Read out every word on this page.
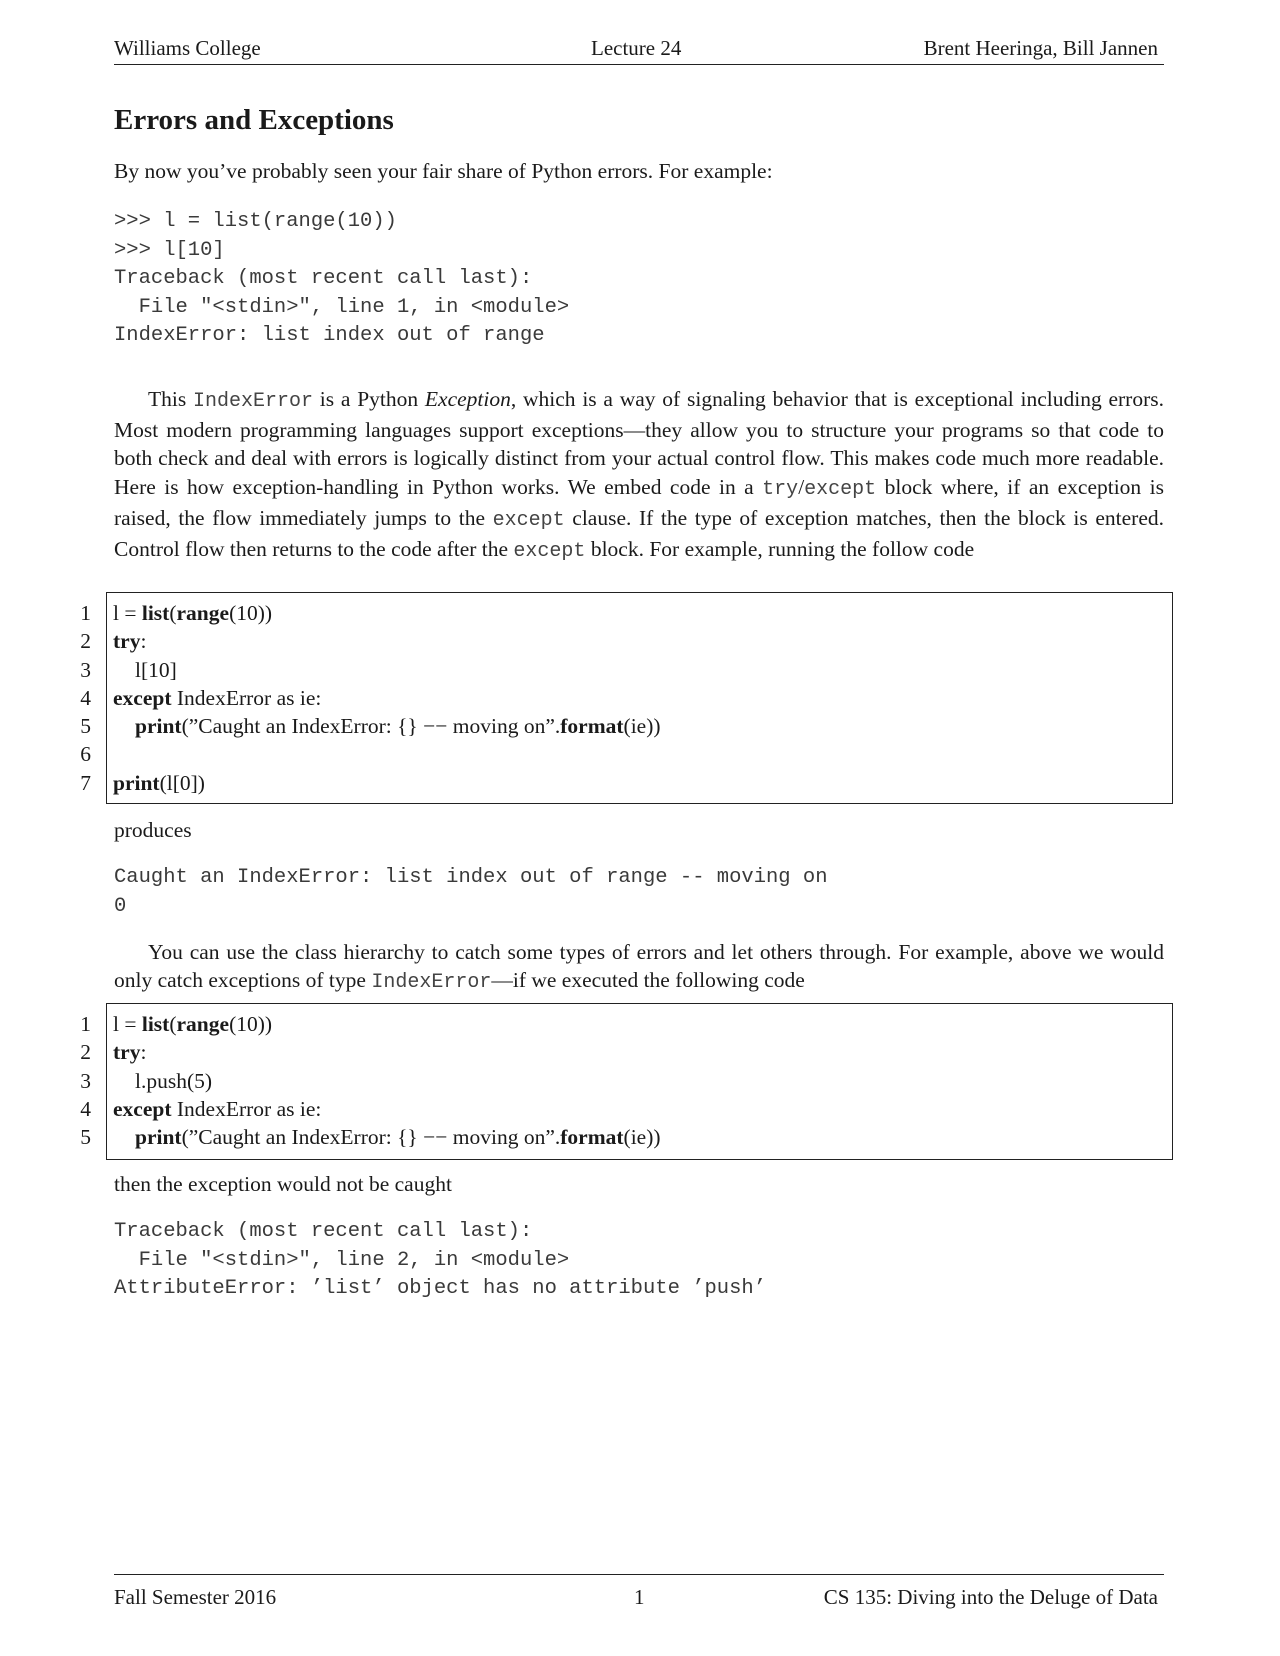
Williams College	Lecture 24	Brent Heeringa, Bill Jannen
Errors and Exceptions
By now you’ve probably seen your fair share of Python errors. For example:
>>> l = list(range(10))
>>> l[10]
Traceback (most recent call last):
File "<stdin>", line 1, in <module>
IndexError: list index out of range
This IndexError is a Python Exception, which is a way of signaling behavior that is exceptional including errors. Most modern programming languages support exceptions—they allow you to structure your programs so that code to both check and deal with errors is logically distinct from your actual control flow. This makes code much more readable. Here is how exception-handling in Python works. We embed code in a try/except block where, if an exception is raised, the flow immediately jumps to the except clause. If the type of exception matches, then the block is entered. Control flow then returns to the code after the except block. For example, running the follow code
1 l = list(range(10))
2 try:
3 l[10]
4 except IndexError as ie:
5 print(”Caught an IndexError: {} −− moving on”.format(ie))
6
7 print(l[0])
produces
Caught an IndexError: list index out of range -- moving on
0
You can use the class hierarchy to catch some types of errors and let others through. For example, above we would only catch exceptions of type IndexError—if we executed the following code
1 l = list(range(10))
2 try:
3 l.push(5)
4 except IndexError as ie:
5 print(”Caught an IndexError: {} −− moving on”.format(ie))
then the exception would not be caught
Traceback (most recent call last):
File "<stdin>", line 2, in <module>
AttributeError: ’list’ object has no attribute ’push’
Fall Semester 2016	1	CS 135: Diving into the Deluge of Data
